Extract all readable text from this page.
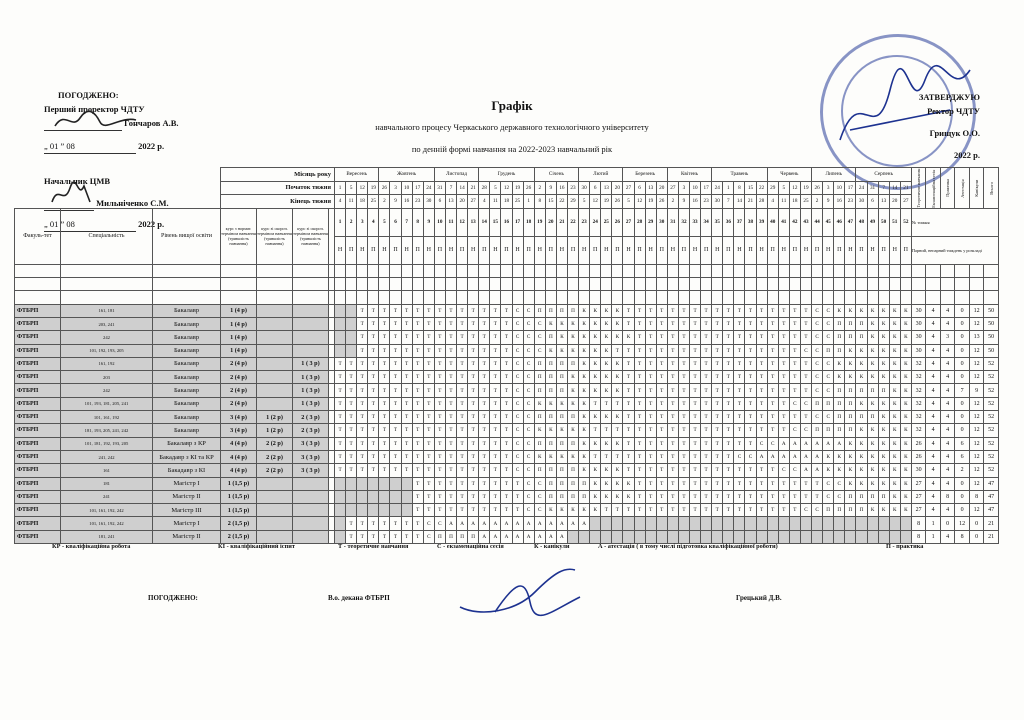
ПОГОДЖЕНО:
Перший проректор ЧДТУ
Гончаров А.В.
„ 01 ” 08	2022 р.
Начальник ЦМВ
Мильніченко С.М.
„ 01 ” 08	2022 р.
Графік
навчального процесу Черкаського державного технологічного університету
по денній формі навчання на 2022-2023 навчальний рік
ЗАТВЕРДЖУЮ
Ректор ЧДТУ
Грищук О.О.
2022 р.
	Місяць року	Вересень	Жовтень	Листопад	Грудень	Січень	Лютий	Березень	Квітень	Травень	Червень	Липень	Серпень	Теоретичне навчання	Екзаменаційна сесія	Практика	Атестація	Канікули	Всього
	Початок тижня	1	5	12	19	26	3	10	17	24	31	7	14	21	28	5	12	19	26	2	9	16	23	30	6	13	20	27	6	13	20	27	3	10	17	24	1	8	15	22	29	5	12	19	26	3	10	17	24	31	7	14	21
	Кінець тижня	4	11	18	25	2	9	16	23	30	6	13	20	27	4	11	18	25	1	8	15	22	29	5	12	19	26	5	12	19	26	2	9	16	23	30	7	14	21	28	4	11	18	25	2	9	16	23	30	6	13	20	27
Факуль-тет	Спеціальність	Рівень вищої освіти	курс з нормат. терміном навчання (тривалість навчання)	курс зі скороч. терміном навчання (тривалість навчання)	курс зі скороч. терміном навчання (тривалість навчання)		1	2	3	4	5	6	7	8	9	10	11	12	13	14	15	16	17	18	19	20	21	22	23	24	25	26	27	28	29	30	31	32	33	34	35	36	37	38	39	40	41	42	43	44	45	46	47	48	49	50	51	52	№ тижня
Н	П	Н	П	Н	П	Н	П	Н	П	Н	П	Н	П	Н	П	Н	П	Н	П	Н	П	Н	П	Н	П	Н	П	Н	П	Н	П	Н	П	Н	П	Н	П	Н	П	Н	П	Н	П	Н	П	Н	П	Н	П	Н	П	Парний, непарний тиждень у розкладі

ФТБРП	161, 181	Бакалавр	1 (4 р)						Т	Т	Т	Т	Т	Т	Т	Т	Т	Т	Т	Т	Т	Т	С	С	П	П	П	П	К	К	К	К	Т	Т	Т	Т	Т	Т	Т	Т	Т	Т	Т	Т	Т	Т	Т	Т	Т	С	С	К	К	К	К	К	К	К	30	4	4	0	12	50
ФТБРП	203, 241	Бакалавр	1 (4 р)						Т	Т	Т	Т	Т	Т	Т	Т	Т	Т	Т	Т	Т	Т	С	С	С	К	К	К	К	К	К	К	Т	Т	Т	Т	Т	Т	Т	Т	Т	Т	Т	Т	Т	Т	Т	Т	Т	С	С	П	П	П	К	К	К	К	30	4	4	0	12	50
ФТБРП	242	Бакалавр	1 (4 р)						Т	Т	Т	Т	Т	Т	Т	Т	Т	Т	Т	Т	Т	Т	С	С	С	П	К	К	К	К	К	К	К	Т	Т	Т	Т	Т	Т	Т	Т	Т	Т	Т	Т	Т	Т	Т	Т	С	С	П	П	П	К	К	К	К	30	4	3	0	13	50
ФТБРП	101, 192, 193, 205	Бакалавр	1 (4 р)						Т	Т	Т	Т	Т	Т	Т	Т	Т	Т	Т	Т	Т	Т	С	С	С	К	К	К	К	К	К	Т	Т	Т	Т	Т	Т	Т	Т	Т	Т	Т	Т	Т	Т	Т	Т	Т	С	С	П	П	К	К	К	К	К	К	30	4	4	0	12	50
ФТБРП	161, 192	Бакалавр	2 (4 р)		1 ( 3 р)		Т	Т	Т	Т	Т	Т	Т	Т	Т	Т	Т	Т	Т	Т	Т	Т	С	С	П	П	П	П	К	К	К	К	Т	Т	Т	Т	Т	Т	Т	Т	Т	Т	Т	Т	Т	Т	Т	Т	Т	С	С	К	К	К	К	К	К	К	32	4	4	0	12	52
ФТБРП	203	Бакалавр	2 (4 р)		1 ( 3 р)		Т	Т	Т	Т	Т	Т	Т	Т	Т	Т	Т	Т	Т	Т	Т	Т	С	С	П	П	П	К	К	К	К	К	Т	Т	Т	Т	Т	Т	Т	Т	Т	Т	Т	Т	Т	Т	Т	Т	Т	С	С	К	К	К	К	К	К	К	32	4	4	0	12	52
ФТБРП	242	Бакалавр	2 (4 р)		1 ( 3 р)		Т	Т	Т	Т	Т	Т	Т	Т	Т	Т	Т	Т	Т	Т	Т	Т	С	С	П	П	П	К	К	К	К	К	Т	Т	Т	Т	Т	Т	Т	Т	Т	Т	Т	Т	Т	Т	Т	Т	Т	С	С	П	П	П	П	П	К	К	32	4	4	7	9	52
ФТБРП	101, 193, 181, 205, 241	Бакалавр	2 (4 р)		1 ( 3 р)		Т	Т	Т	Т	Т	Т	Т	Т	Т	Т	Т	Т	Т	Т	Т	Т	С	С	К	К	К	К	К	Т	Т	Т	Т	Т	Т	Т	Т	Т	Т	Т	Т	Т	Т	Т	Т	Т	Т	С	С	П	П	П	П	К	К	К	К	К	32	4	4	0	12	52
ФТБРП	101, 161, 192	Бакалавр	3 (4 р)	1 (2 р)	2 ( 3 р)		Т	Т	Т	Т	Т	Т	Т	Т	Т	Т	Т	Т	Т	Т	Т	Т	С	С	П	П	П	П	К	К	К	К	Т	Т	Т	Т	Т	Т	Т	Т	Т	Т	Т	Т	Т	Т	Т	Т	Т	С	С	П	П	П	П	К	К	К	32	4	4	0	12	52
ФТБРП	181, 193, 205, 241, 242	Бакалавр	3 (4 р)	1 (2 р)	2 ( 3 р)		Т	Т	Т	Т	Т	Т	Т	Т	Т	Т	Т	Т	Т	Т	Т	Т	С	С	К	К	К	К	К	Т	Т	Т	Т	Т	Т	Т	Т	Т	Т	Т	Т	Т	Т	Т	Т	Т	Т	С	С	П	П	П	П	К	К	К	К	К	32	4	4	0	12	52
ФТБРП	101, 181, 192, 193, 205	Бакалавр з КР	4 (4 р)	2 (2 р)	3 ( 3 р)		Т	Т	Т	Т	Т	Т	Т	Т	Т	Т	Т	Т	Т	Т	Т	Т	С	С	П	П	П	П	К	К	К	К	Т	Т	Т	Т	Т	Т	Т	Т	Т	Т	Т	Т	С	С	А	А	А	А	А	А	К	К	К	К	К	К	26	4	4	6	12	52
ФТБРП	241, 242	Бакадавр з КІ та КР	4 (4 р)	2 (2 р)	3 ( 3 р)		Т	Т	Т	Т	Т	Т	Т	Т	Т	Т	Т	Т	Т	Т	Т	Т	С	С	К	К	К	К	К	Т	Т	Т	Т	Т	Т	Т	Т	Т	Т	Т	Т	Т	С	С	А	А	А	А	А	А	К	К	К	К	К	К	К	К	26	4	4	6	12	52
ФТБРП	161	Бакадавр з КІ	4 (4 р)	2 (2 р)	3 ( 3 р)		Т	Т	Т	Т	Т	Т	Т	Т	Т	Т	Т	Т	Т	Т	Т	Т	С	С	П	П	П	П	К	К	К	К	Т	Т	Т	Т	Т	Т	Т	Т	Т	Т	Т	Т	Т	Т	С	С	А	А	К	К	К	К	К	К	К	К	30	4	4	2	12	52
ФТБРП	181	Магістр І	1 (1,5 р)											Т	Т	Т	Т	Т	Т	Т	Т	Т	Т	С	С	П	П	П	П	К	К	К	К	Т	Т	Т	Т	Т	Т	Т	Т	Т	Т	Т	Т	Т	Т	Т	Т	Т	С	С	К	К	К	К	К	К	27	4	4	0	12	47
ФТБРП	241	Магістр ІІ	1 (1,5 р)											Т	Т	Т	Т	Т	Т	Т	Т	Т	Т	С	С	П	П	П	П	К	К	К	К	Т	Т	Т	Т	Т	Т	Т	Т	Т	Т	Т	Т	Т	Т	Т	Т	Т	С	С	П	П	П	П	К	К	27	4	8	0	8	47
ФТБРП	101, 161, 192, 242	Магістр ІІІ	1 (1,5 р)											Т	Т	Т	Т	Т	Т	Т	Т	Т	Т	С	С	К	К	К	К	К	Т	Т	Т	Т	Т	Т	Т	Т	Т	Т	Т	Т	Т	Т	Т	Т	Т	Т	С	С	П	П	П	П	К	К	К	К	27	4	4	0	12	47
ФТБРП	101, 161, 192, 242	Магістр І	2 (1,5 р)					Т	Т	Т	Т	Т	Т	Т	С	С	А	А	А	А	А	А	А	А	А	А	А	А	А																														8	1	0	12	0	21
ФТБРП	181, 241	Магістр ІІ	2 (1,5 р)					Т	Т	Т	Т	Т	Т	Т	С	П	П	П	П	А	А	А	А	А	А	А	А																																8	1	4	8	0	21
КР - кваліфікаційна робота	КІ - кваліфікаційний іспит	Т - теоретичне навчання	С - екзаменаційна сесія	К - канікули	А - атестація ( в тому числі підготовка кваліфікаційної роботи)	П - практика
ПОГОДЖЕНО:	В.о. декана ФТБРП	Грецький Д.В.
